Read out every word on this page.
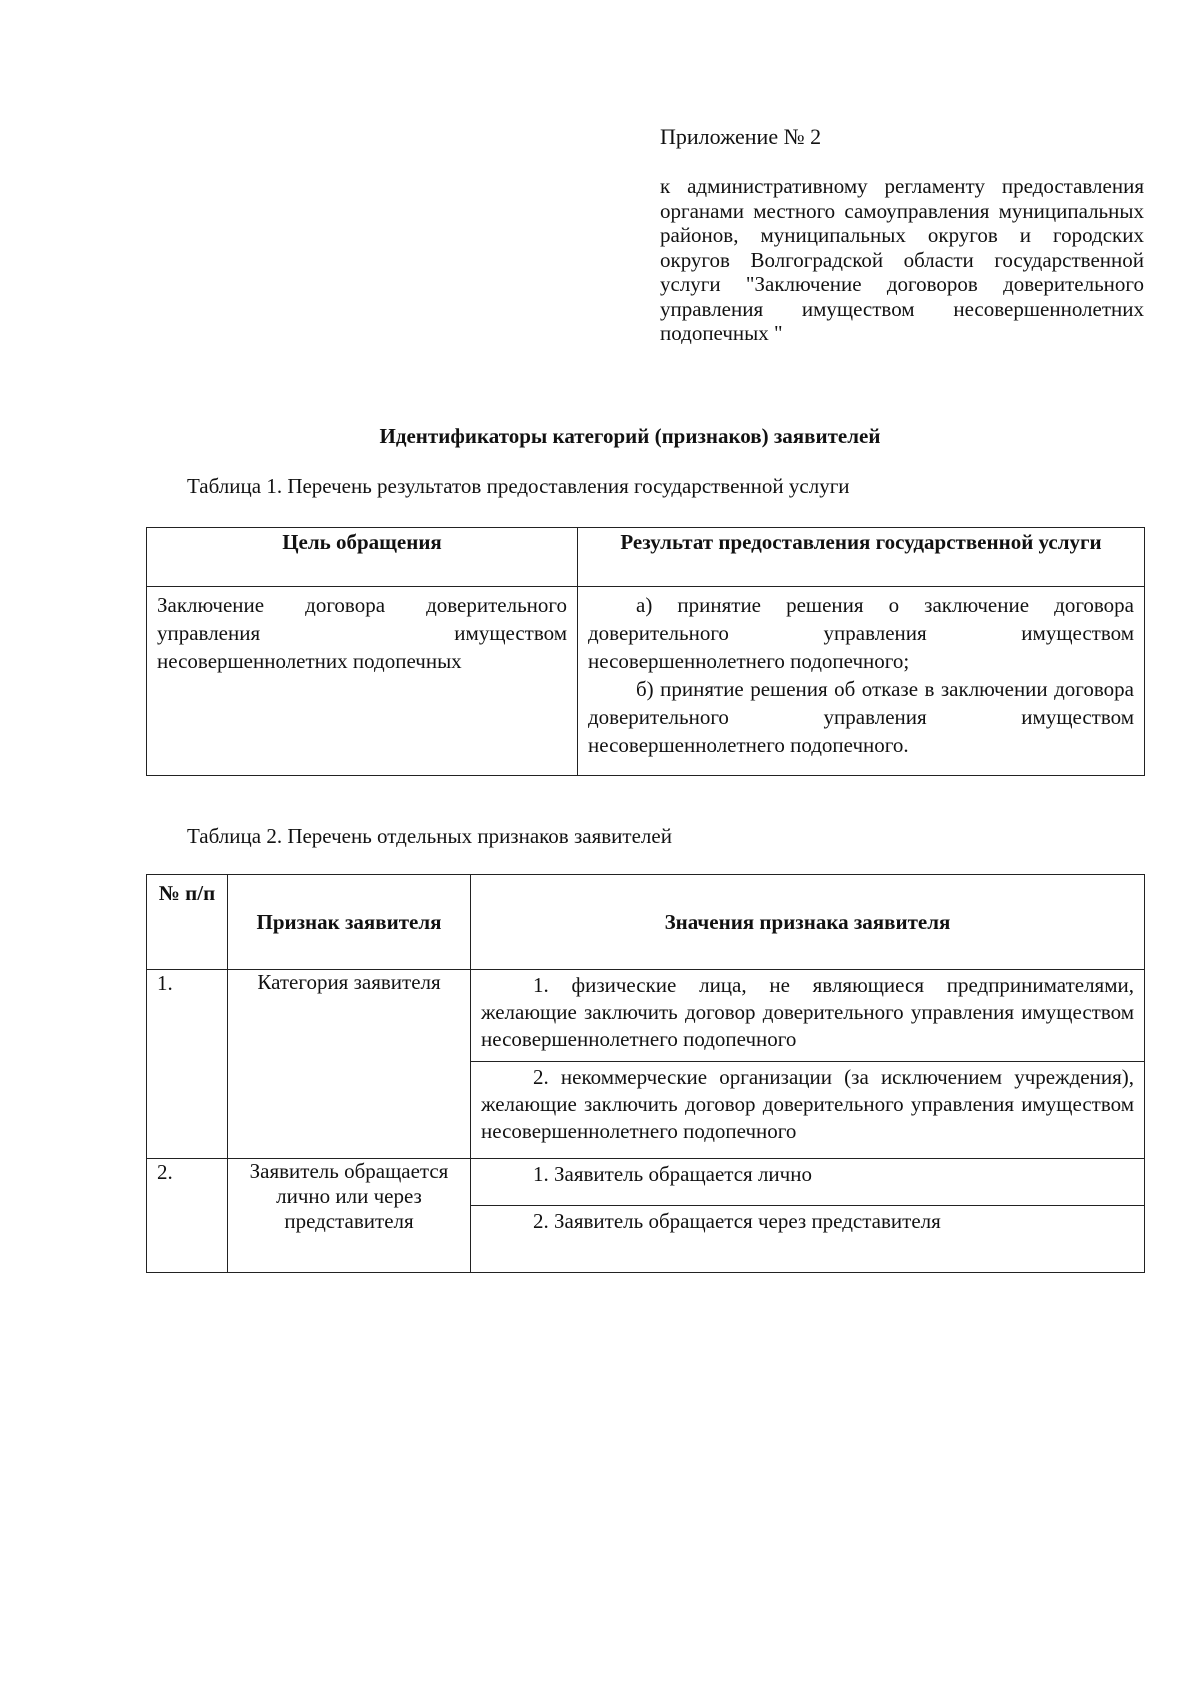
Приложение № 2
к административному регламенту предоставления органами местного самоуправления муниципальных районов, муниципальных округов и городских округов Волгоградской области государственной услуги "Заключение договоров доверительного управления имуществом несовершеннолетних подопечных "
Идентификаторы категорий (признаков) заявителей
Таблица 1. Перечень результатов предоставления государственной услуги
Цель обращения	Результат предоставления государственной услуги
Заключение договора доверительного управления имуществом несовершеннолетних подопечных	а) принятие решения о заключение договора доверительного управления имуществом несовершеннолетнего подопечного;

б) принятие решения об отказе в заключении договора доверительного управления имуществом несовершеннолетнего подопечного.

Таблица 2. Перечень отдельных признаков заявителей
№ п/п	Признак заявителя	Значения признака заявителя
1.	Категория заявителя	1. физические лица, не являющиеся предпринимателями, желающие заключить договор доверительного управления имуществом несовершеннолетнего подопечного

		2. некоммерческие организации (за исключением учреждения), желающие заключить договор доверительного управления имуществом несовершеннолетнего подопечного

2.	Заявитель обращается лично или через представителя	1. Заявитель обращается лично

		2. Заявитель обращается через представителя
